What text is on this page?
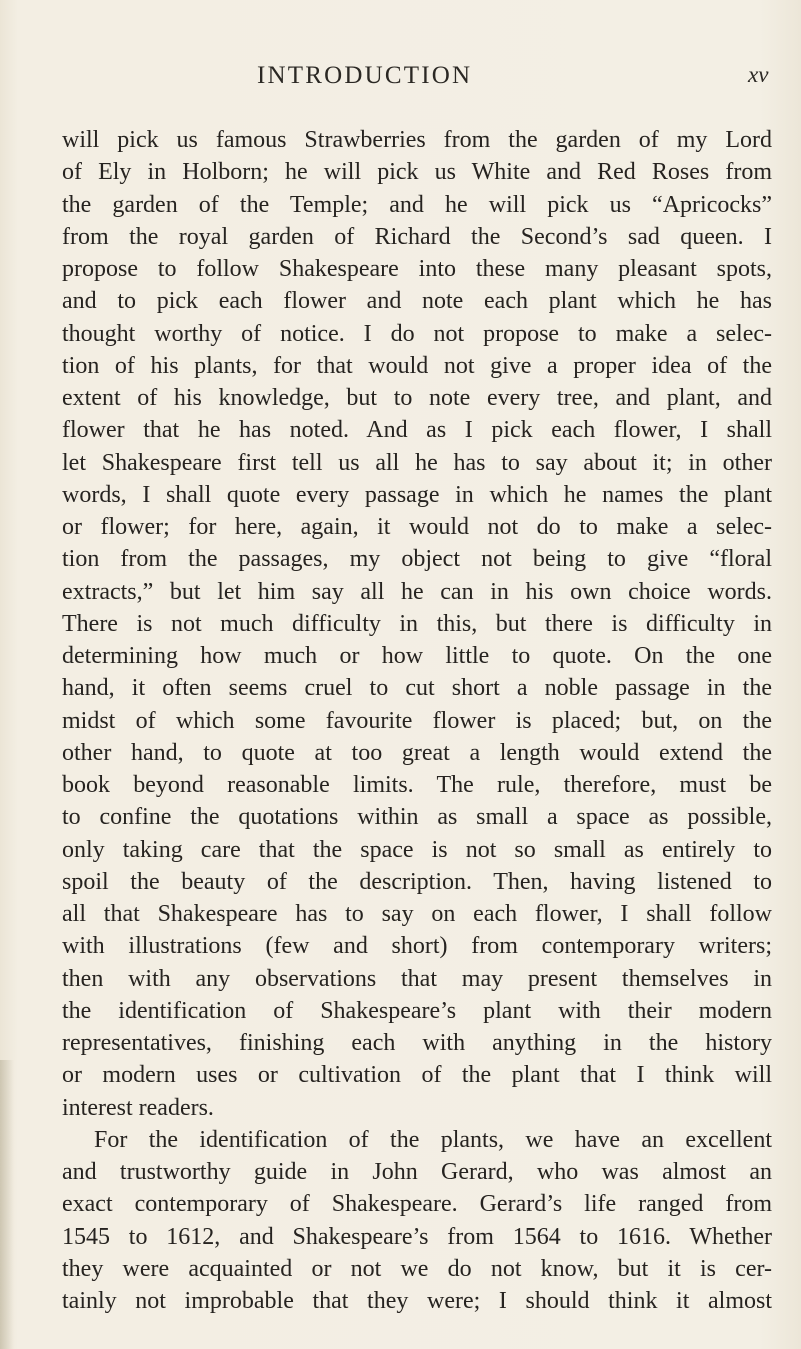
INTRODUCTION	xv
will pick us famous Strawberries from the garden of my Lord
of Ely in Holborn; he will pick us White and Red Roses from
the garden of the Temple; and he will pick us “Apricocks”
from the royal garden of Richard the Second’s sad queen. I
propose to follow Shakespeare into these many pleasant spots,
and to pick each flower and note each plant which he has
thought worthy of notice. I do not propose to make a selec-
tion of his plants, for that would not give a proper idea of the
extent of his knowledge, but to note every tree, and plant, and
flower that he has noted. And as I pick each flower, I shall
let Shakespeare first tell us all he has to say about it; in other
words, I shall quote every passage in which he names the plant
or flower; for here, again, it would not do to make a selec-
tion from the passages, my object not being to give “floral
extracts,” but let him say all he can in his own choice words.
There is not much difficulty in this, but there is difficulty in
determining how much or how little to quote. On the one
hand, it often seems cruel to cut short a noble passage in the
midst of which some favourite flower is placed; but, on the
other hand, to quote at too great a length would extend the
book beyond reasonable limits. The rule, therefore, must be
to confine the quotations within as small a space as possible,
only taking care that the space is not so small as entirely to
spoil the beauty of the description. Then, having listened to
all that Shakespeare has to say on each flower, I shall follow
with illustrations (few and short) from contemporary writers;
then with any observations that may present themselves in
the identification of Shakespeare’s plant with their modern
representatives, finishing each with anything in the history
or modern uses or cultivation of the plant that I think will
interest readers.
For the identification of the plants, we have an excellent
and trustworthy guide in John Gerard, who was almost an
exact contemporary of Shakespeare. Gerard’s life ranged from
1545 to 1612, and Shakespeare’s from 1564 to 1616. Whether
they were acquainted or not we do not know, but it is cer-
tainly not improbable that they were; I should think it almost
